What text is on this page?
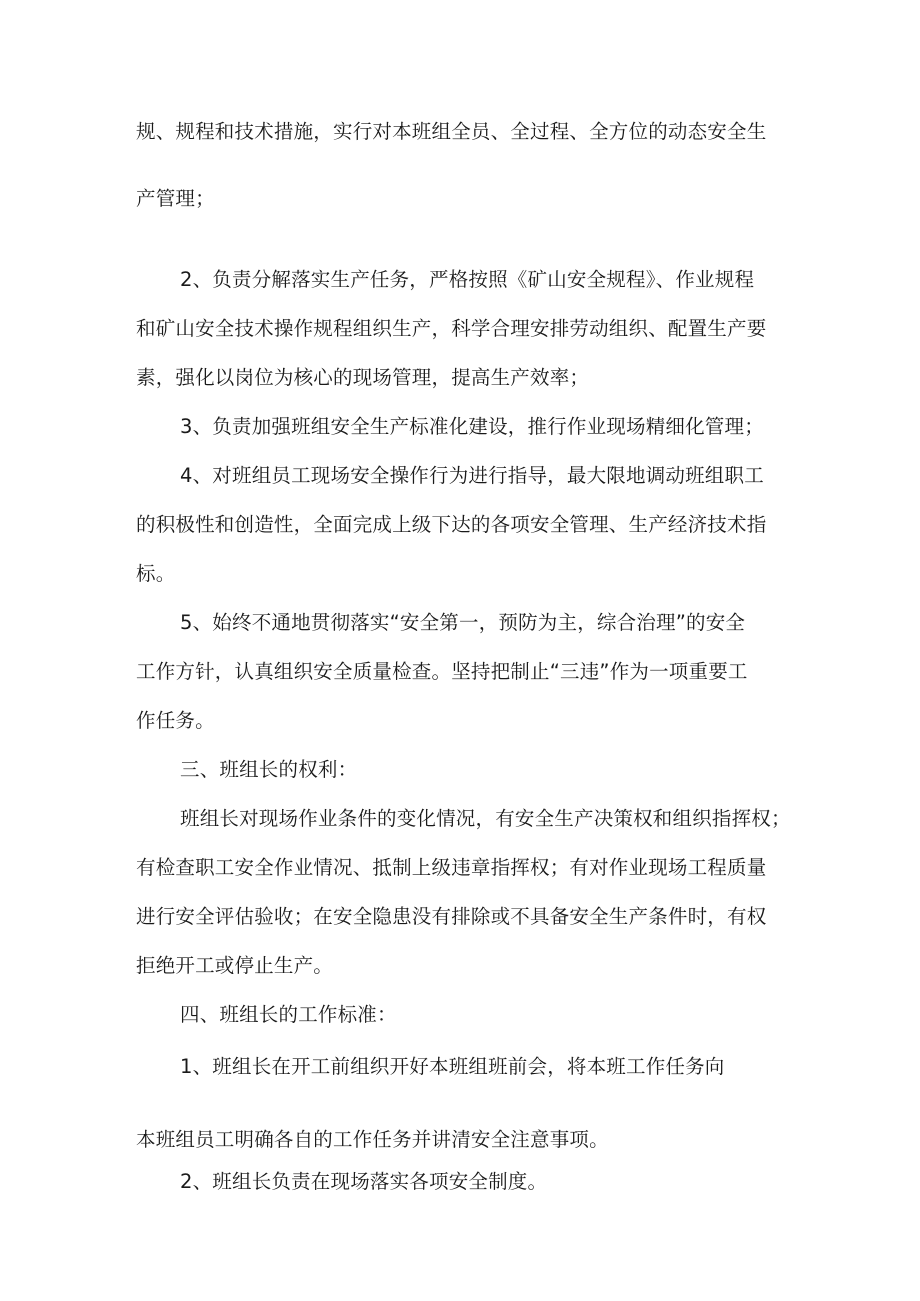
规、规程和技术措施，实行对本班组全员、全过程、全方位的动态安全生
产管理；
2、负责分解落实生产任务，严格按照《矿山安全规程》、作业规程
和矿山安全技术操作规程组织生产，科学合理安排劳动组织、配置生产要
素，强化以岗位为核心的现场管理，提高生产效率；
3、负责加强班组安全生产标准化建设，推行作业现场精细化管理；
4、对班组员工现场安全操作行为进行指导，最大限地调动班组职工
的积极性和创造性，全面完成上级下达的各项安全管理、生产经济技术指
标。
5、始终不通地贯彻落实“安全第一，预防为主，综合治理”的安全
工作方针，认真组织安全质量检查。坚持把制止“三违”作为一项重要工
作任务。
三、班组长的权利：
班组长对现场作业条件的变化情况，有安全生产决策权和组织指挥权；
有检查职工安全作业情况、抵制上级违章指挥权；有对作业现场工程质量
进行安全评估验收；在安全隐患没有排除或不具备安全生产条件时，有权
拒绝开工或停止生产。
四、班组长的工作标准：
1、班组长在开工前组织开好本班组班前会，将本班工作任务向
本班组员工明确各自的工作任务并讲清安全注意事项。
2、班组长负责在现场落实各项安全制度。
